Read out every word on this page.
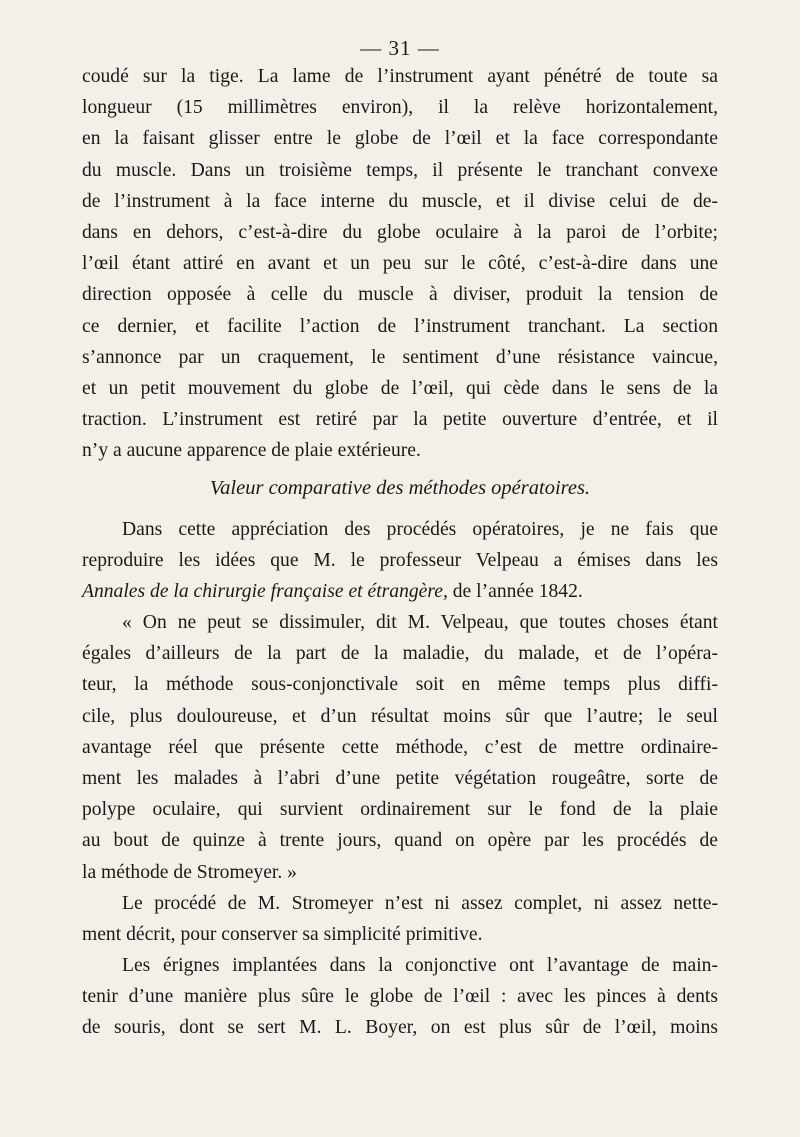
— 31 —
coudé sur la tige. La lame de l’instrument ayant pénétré de toute sa
longueur (15 millimètres environ), il la relève horizontalement,
en la faisant glisser entre le globe de l’œil et la face correspondante
du muscle. Dans un troisième temps, il présente le tranchant convexe
de l’instrument à la face interne du muscle, et il divise celui de de-
dans en dehors, c’est-à-dire du globe oculaire à la paroi de l’orbite;
l’œil étant attiré en avant et un peu sur le côté, c’est-à-dire dans une
direction opposée à celle du muscle à diviser, produit la tension de
ce dernier, et facilite l’action de l’instrument tranchant. La section
s’annonce par un craquement, le sentiment d’une résistance vaincue,
et un petit mouvement du globe de l’œil, qui cède dans le sens de la
traction. L’instrument est retiré par la petite ouverture d’entrée, et il
n’y a aucune apparence de plaie extérieure.
Valeur comparative des méthodes opératoires.
Dans cette appréciation des procédés opératoires, je ne fais que
reproduire les idées que M. le professeur Velpeau a émises dans les
Annales de la chirurgie française et étrangère, de l’année 1842.
« On ne peut se dissimuler, dit M. Velpeau, que toutes choses étant
égales d’ailleurs de la part de la maladie, du malade, et de l’opéra-
teur, la méthode sous-conjonctivale soit en même temps plus diffi-
cile, plus douloureuse, et d’un résultat moins sûr que l’autre; le seul
avantage réel que présente cette méthode, c’est de mettre ordinaire-
ment les malades à l’abri d’une petite végétation rougeâtre, sorte de
polype oculaire, qui survient ordinairement sur le fond de la plaie
au bout de quinze à trente jours, quand on opère par les procédés de
la méthode de Stromeyer. »
Le procédé de M. Stromeyer n’est ni assez complet, ni assez nette-
ment décrit, pour conserver sa simplicité primitive.
Les érignes implantées dans la conjonctive ont l’avantage de main-
tenir d’une manière plus sûre le globe de l’œil : avec les pinces à dents
de souris, dont se sert M. L. Boyer, on est plus sûr de l’œil, moins
